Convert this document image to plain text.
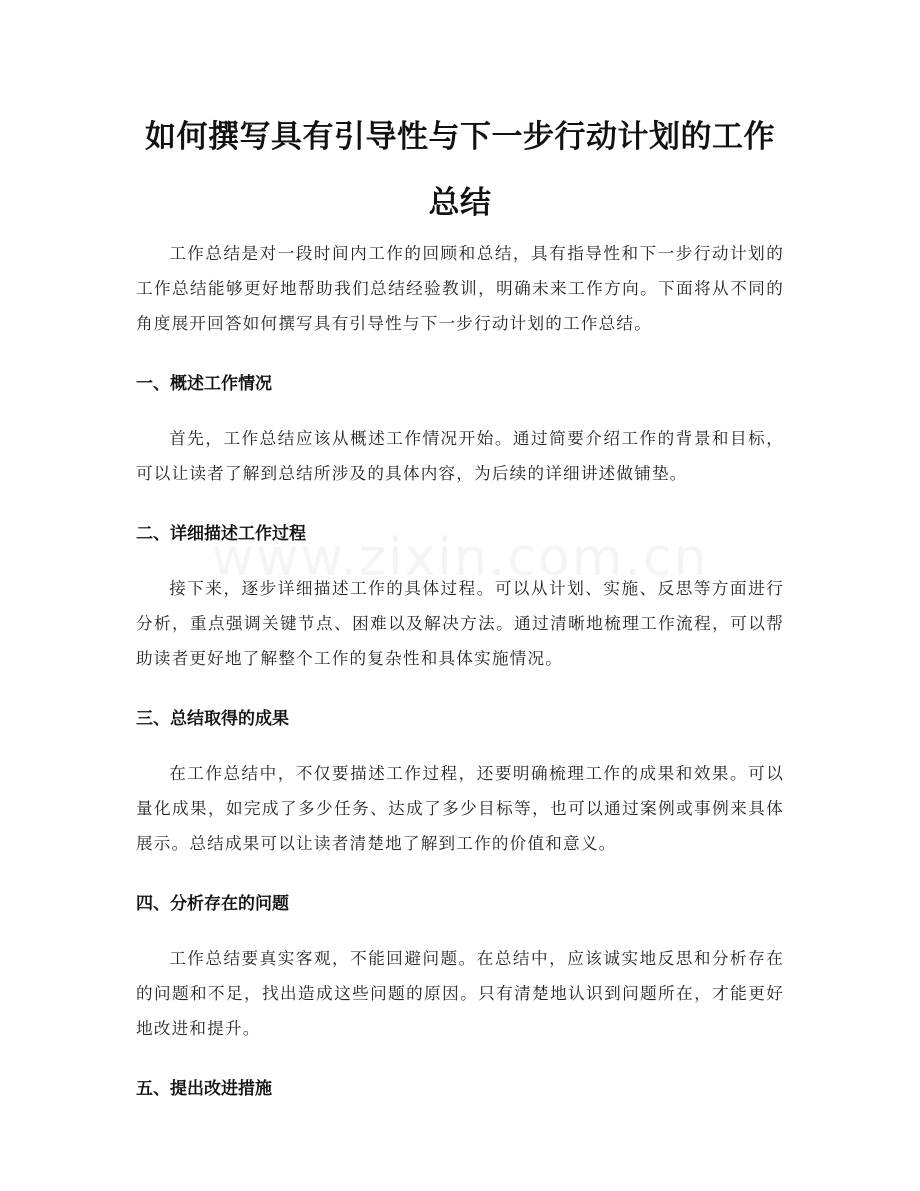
如何撰写具有引导性与下一步行动计划的工作总结

工作总结是对一段时间内工作的回顾和总结，具有指导性和下一步行动计划的工作总结能够更好地帮助我们总结经验教训，明确未来工作方向。下面将从不同的角度展开回答如何撰写具有引导性与下一步行动计划的工作总结。

一、概述工作情况

首先，工作总结应该从概述工作情况开始。通过简要介绍工作的背景和目标，可以让读者了解到总结所涉及的具体内容，为后续的详细讲述做铺垫。

二、详细描述工作过程

接下来，逐步详细描述工作的具体过程。可以从计划、实施、反思等方面进行分析，重点强调关键节点、困难以及解决方法。通过清晰地梳理工作流程，可以帮助读者更好地了解整个工作的复杂性和具体实施情况。

三、总结取得的成果

在工作总结中，不仅要描述工作过程，还要明确梳理工作的成果和效果。可以量化成果，如完成了多少任务、达成了多少目标等，也可以通过案例或事例来具体展示。总结成果可以让读者清楚地了解到工作的价值和意义。

四、分析存在的问题

工作总结要真实客观，不能回避问题。在总结中，应该诚实地反思和分析存在的问题和不足，找出造成这些问题的原因。只有清楚地认识到问题所在，才能更好地改进和提升。

五、提出改进措施
